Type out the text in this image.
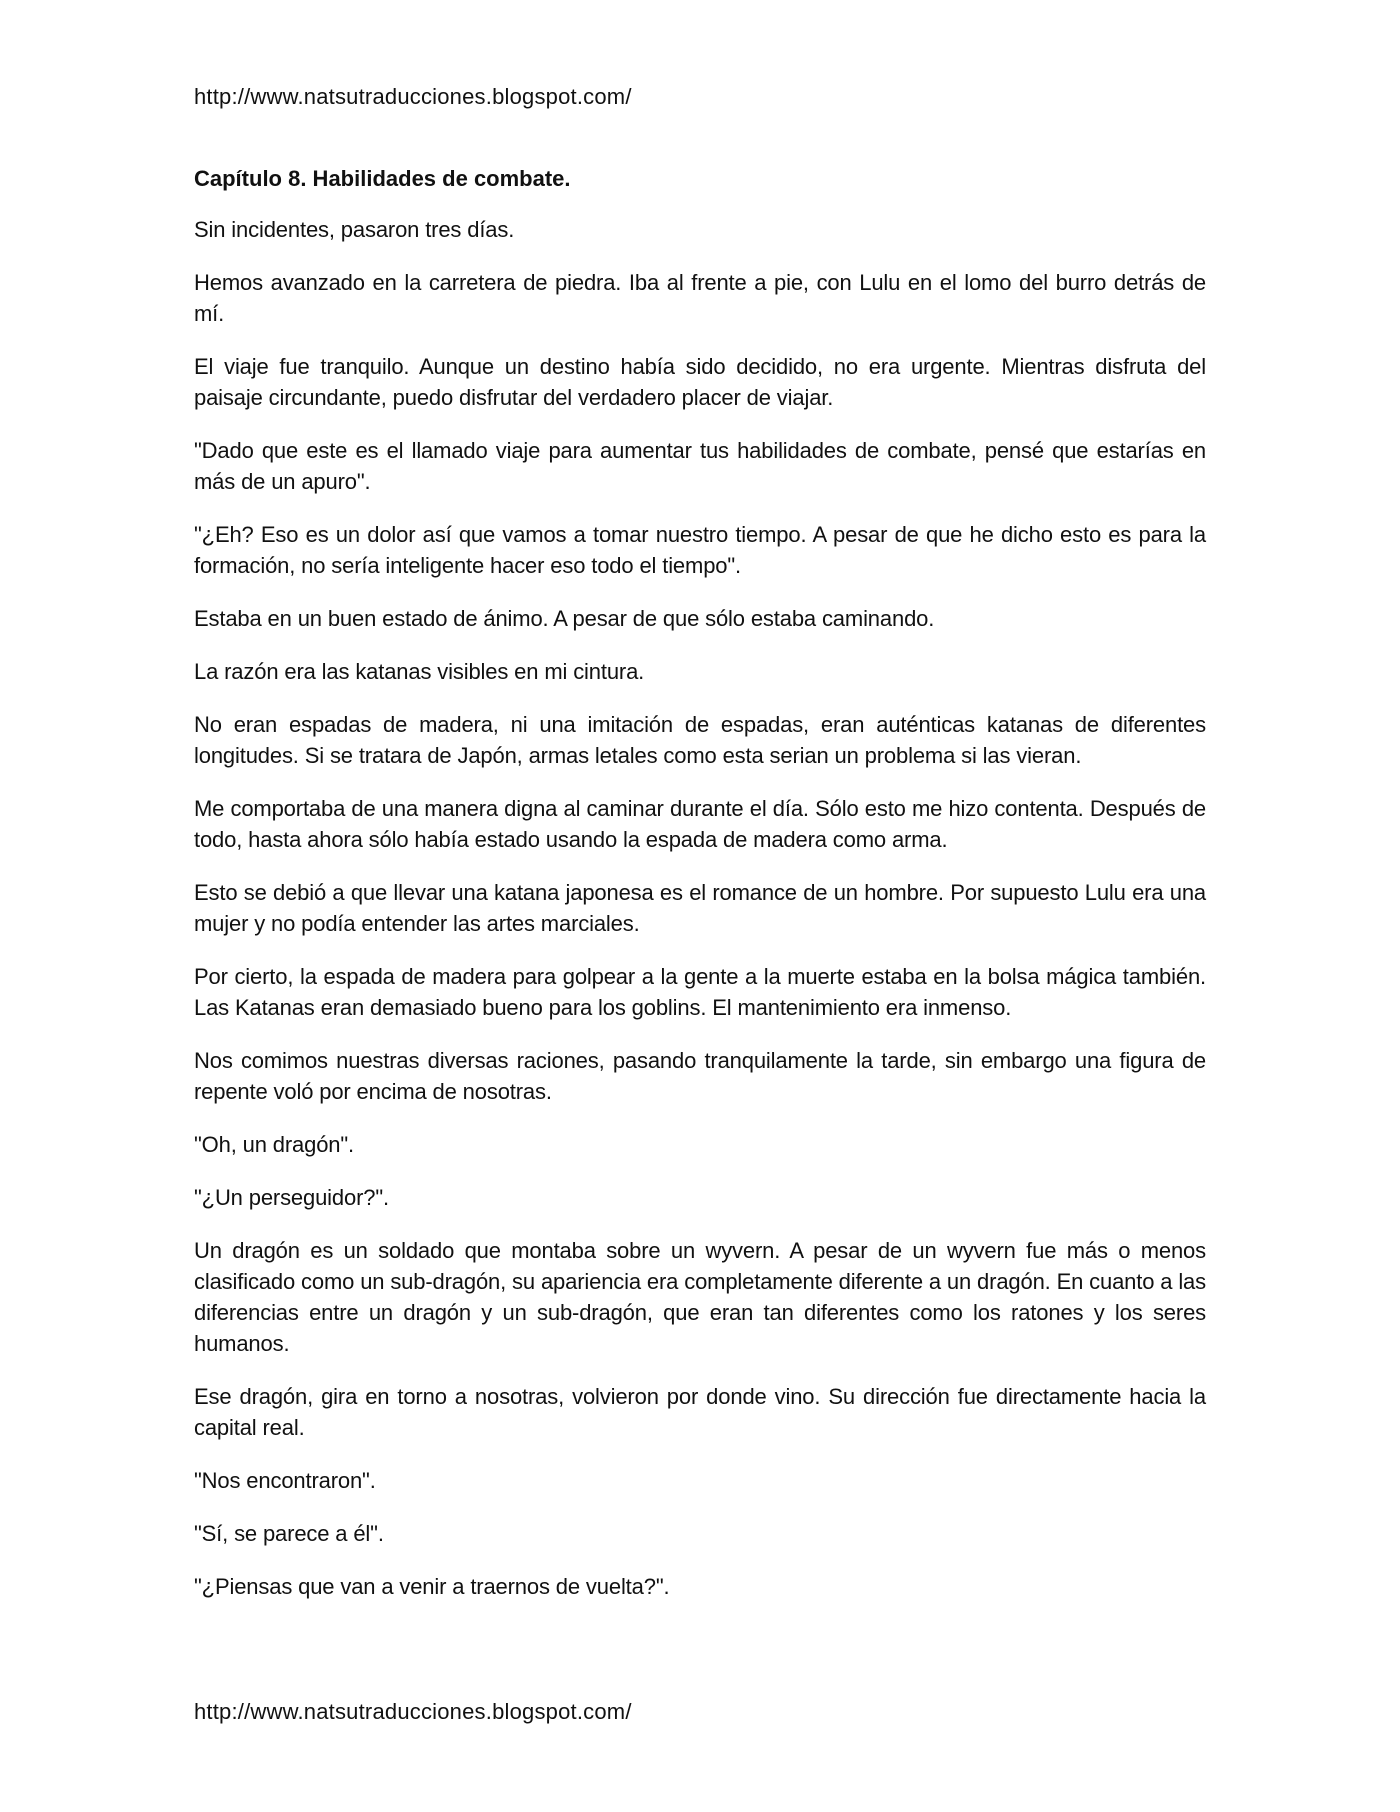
http://www.natsutraducciones.blogspot.com/
Capítulo 8. Habilidades de combate.

Sin incidentes, pasaron tres días.

Hemos avanzado en la carretera de piedra. Iba al frente a pie, con Lulu en el lomo del burro detrás de mí.

El viaje fue tranquilo. Aunque un destino había sido decidido, no era urgente. Mientras disfruta del paisaje circundante, puedo disfrutar del verdadero placer de viajar.

"Dado que este es el llamado viaje para aumentar tus habilidades de combate, pensé que estarías en más de un apuro".

"¿Eh? Eso es un dolor así que vamos a tomar nuestro tiempo. A pesar de que he dicho esto es para la formación, no sería inteligente hacer eso todo el tiempo".

Estaba en un buen estado de ánimo. A pesar de que sólo estaba caminando.

La razón era las katanas visibles en mi cintura.

No eran espadas de madera, ni una imitación de espadas, eran auténticas katanas de diferentes longitudes. Si se tratara de Japón, armas letales como esta serian un problema si las vieran.

Me comportaba de una manera digna al caminar durante el día. Sólo esto me hizo contenta. Después de todo, hasta ahora sólo había estado usando la espada de madera como arma.

Esto se debió a que llevar una katana japonesa es el romance de un hombre. Por supuesto Lulu era una mujer y no podía entender las artes marciales.

Por cierto, la espada de madera para golpear a la gente a la muerte estaba en la bolsa mágica también. Las Katanas eran demasiado bueno para los goblins. El mantenimiento era inmenso.

Nos comimos nuestras diversas raciones, pasando tranquilamente la tarde, sin embargo una figura de repente voló por encima de nosotras.

"Oh, un dragón".

"¿Un perseguidor?".

Un dragón es un soldado que montaba sobre un wyvern. A pesar de un wyvern fue más o menos clasificado como un sub-dragón, su apariencia era completamente diferente a un dragón. En cuanto a las diferencias entre un dragón y un sub-dragón, que eran tan diferentes como los ratones y los seres humanos.

Ese dragón, gira en torno a nosotras, volvieron por donde vino. Su dirección fue directamente hacia la capital real.

"Nos encontraron".

"Sí, se parece a él".

"¿Piensas que van a venir a traernos de vuelta?".

http://www.natsutraducciones.blogspot.com/
